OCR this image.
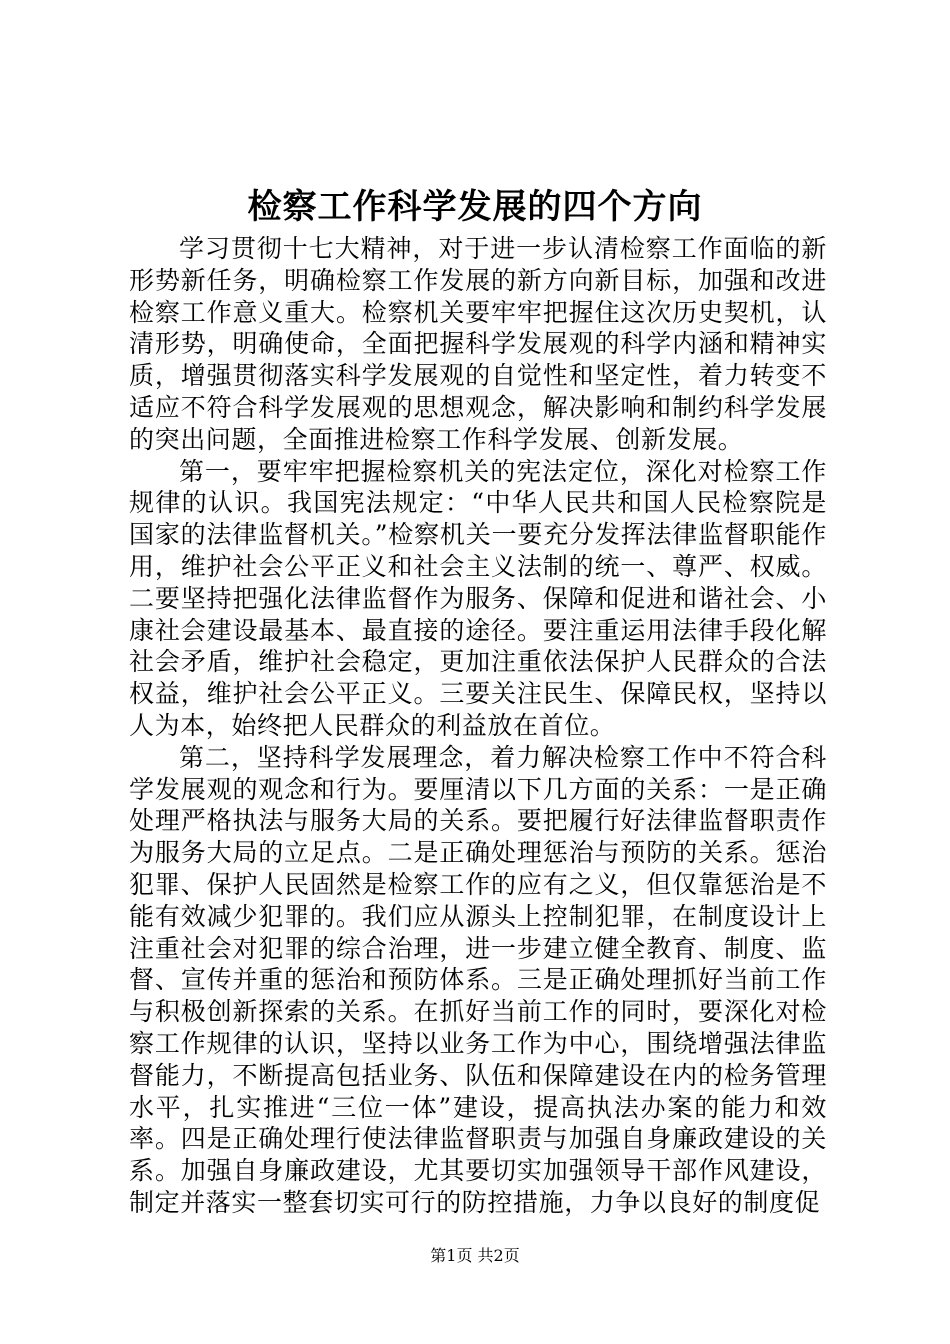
检察工作科学发展的四个方向

学习贯彻十七大精神，对于进一步认清检察工作面临的新形势新任务，明确检察工作发展的新方向新目标，加强和改进检察工作意义重大。检察机关要牢牢把握住这次历史契机，认清形势，明确使命，全面把握科学发展观的科学内涵和精神实质，增强贯彻落实科学发展观的自觉性和坚定性，着力转变不适应不符合科学发展观的思想观念，解决影响和制约科学发展的突出问题，全面推进检察工作科学发展、创新发展。

第一，要牢牢把握检察机关的宪法定位，深化对检察工作规律的认识。我国宪法规定：“中华人民共和国人民检察院是国家的法律监督机关。”检察机关一要充分发挥法律监督职能作用，维护社会公平正义和社会主义法制的统一、尊严、权威。二要坚持把强化法律监督作为服务、保障和促进和谐社会、小康社会建设最基本、最直接的途径。要注重运用法律手段化解社会矛盾，维护社会稳定，更加注重依法保护人民群众的合法权益，维护社会公平正义。三要关注民生、保障民权，坚持以人为本，始终把人民群众的利益放在首位。

第二，坚持科学发展理念，着力解决检察工作中不符合科学发展观的观念和行为。要厘清以下几方面的关系：一是正确处理严格执法与服务大局的关系。要把履行好法律监督职责作为服务大局的立足点。二是正确处理惩治与预防的关系。惩治犯罪、保护人民固然是检察工作的应有之义，但仅靠惩治是不能有效减少犯罪的。我们应从源头上控制犯罪，在制度设计上注重社会对犯罪的综合治理，进一步建立健全教育、制度、监督、宣传并重的惩治和预防体系。三是正确处理抓好当前工作与积极创新探索的关系。在抓好当前工作的同时，要深化对检察工作规律的认识，坚持以业务工作为中心，围绕增强法律监督能力，不断提高包括业务、队伍和保障建设在内的检务管理水平，扎实推进“三位一体”建设，提高执法办案的能力和效率。四是正确处理行使法律监督职责与加强自身廉政建设的关系。加强自身廉政建设，尤其要切实加强领导干部作风建设，制定并落实一整套切实可行的防控措施，力争以良好的制度促

第1页 共2页
